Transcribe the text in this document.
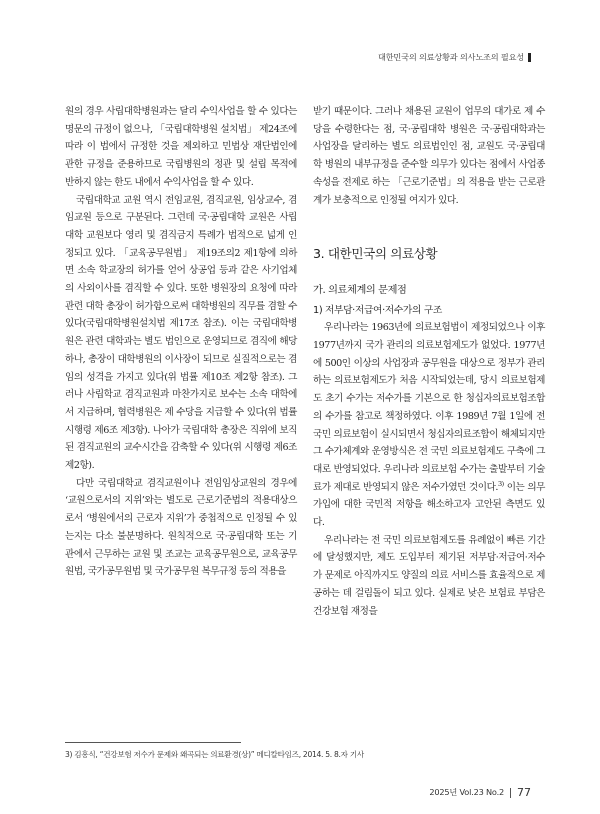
대한민국의 의료상황과 의사노조의 필요성

원의 경우 사립대학병원과는 달리 수익사업을 할 수 있다는 명문의 규정이 없으나, 「국립대학병원 설치법」 제24조에 따라 이 법에서 규정한 것을 제외하고 민법상 재단법인에 관한 규정을 준용하므로 국립병원의 정관 및 설립 목적에 반하지 않는 한도 내에서 수익사업을 할 수 있다.

국립대학교 교원 역시 전임교원, 겸직교원, 임상교수, 겸임교원 등으로 구분된다. 그런데 국·공립대학 교원은 사립대학 교원보다 영리 및 겸직금지 특례가 법적으로 넓게 인정되고 있다. 「교육공무원법」 제19조의2 제1항에 의하면 소속 학교장의 허가를 얻어 상공업 등과 같은 사기업체의 사외이사를 겸직할 수 있다. 또한 병원장의 요청에 따라 관련 대학 총장이 허가함으로써 대학병원의 직무를 겸할 수 있다(국립대학병원설치법 제17조 참조). 이는 국립대학병원은 관련 대학과는 별도 법인으로 운영되므로 겸직에 해당하나, 총장이 대학병원의 이사장이 되므로 실질적으로는 겸임의 성격을 가지고 있다(위 법률 제10조 제2항 참조). 그러나 사립학교 겸직교원과 마찬가지로 보수는 소속 대학에서 지급하며, 협력병원은 제 수당을 지급할 수 있다(위 법률 시행령 제6조 제3항). 나아가 국립대학 총장은 직위에 보직된 겸직교원의 교수시간을 감축할 수 있다(위 시행령 제6조 제2항).

다만 국립대학교 겸직교원이나 전임임상교원의 경우에 ‘교원으로서의 지위’와는 별도로 근로기준법의 적용대상으로서 ‘병원에서의 근로자 지위’가 중첩적으로 인정될 수 있는지는 다소 불분명하다. 원칙적으로 국·공립대학 또는 기관에서 근무하는 교원 및 조교는 교육공무원으로, 교육공무원법, 국가공무원법 및 국가공무원 복무규정 등의 적용을

받기 때문이다. 그러나 채용된 교원이 업무의 대가로 제 수당을 수령한다는 점, 국·공립대학 병원은 국·공립대학과는 사업장을 달리하는 별도 의료법인인 점, 교원도 국·공립대학 병원의 내부규정을 준수할 의무가 있다는 점에서 사업종속성을 전제로 하는 「근로기준법」의 적용을 받는 근로관계가 보충적으로 인정될 여지가 있다.

3. 대한민국의 의료상황

가. 의료체계의 문제점

1) 저부담·저급여·저수가의 구조

우리나라는 1963년에 의료보험법이 제정되었으나 이후 1977년까지 국가 관리의 의료보험제도가 없었다. 1977년에 500인 이상의 사업장과 공무원을 대상으로 정부가 관리하는 의료보험제도가 처음 시작되었는데, 당시 의료보험제도 초기 수가는 저수가를 기본으로 한 청십자의료보험조합의 수가를 참고로 책정하였다. 이후 1989년 7월 1일에 전국민 의료보험이 실시되면서 청십자의료조합이 해체되지만 그 수가체계와 운영방식은 전 국민 의료보험제도 구축에 그대로 반영되었다. 우리나라 의료보험 수가는 출발부터 기술료가 제대로 반영되지 않은 저수가였던 것이다.$^{3)}$ 이는 의무가입에 대한 국민적 저항을 해소하고자 고안된 측면도 있다.

우리나라는 전 국민 의료보험제도를 유례없이 빠른 기간에 달성했지만, 제도 도입부터 제기된 저부담·저급여·저수가 문제로 아직까지도 양질의 의료 서비스를 효율적으로 제공하는 데 걸림돌이 되고 있다. 실제로 낮은 보험료 부담은 건강보험 재정을

3) 김흥식, “건강보험 저수가 문제와 왜곡되는 의료환경(상)” 메디칼타임즈, 2014. 5. 8.자 기사
2025년 Vol.23 No.2 77
